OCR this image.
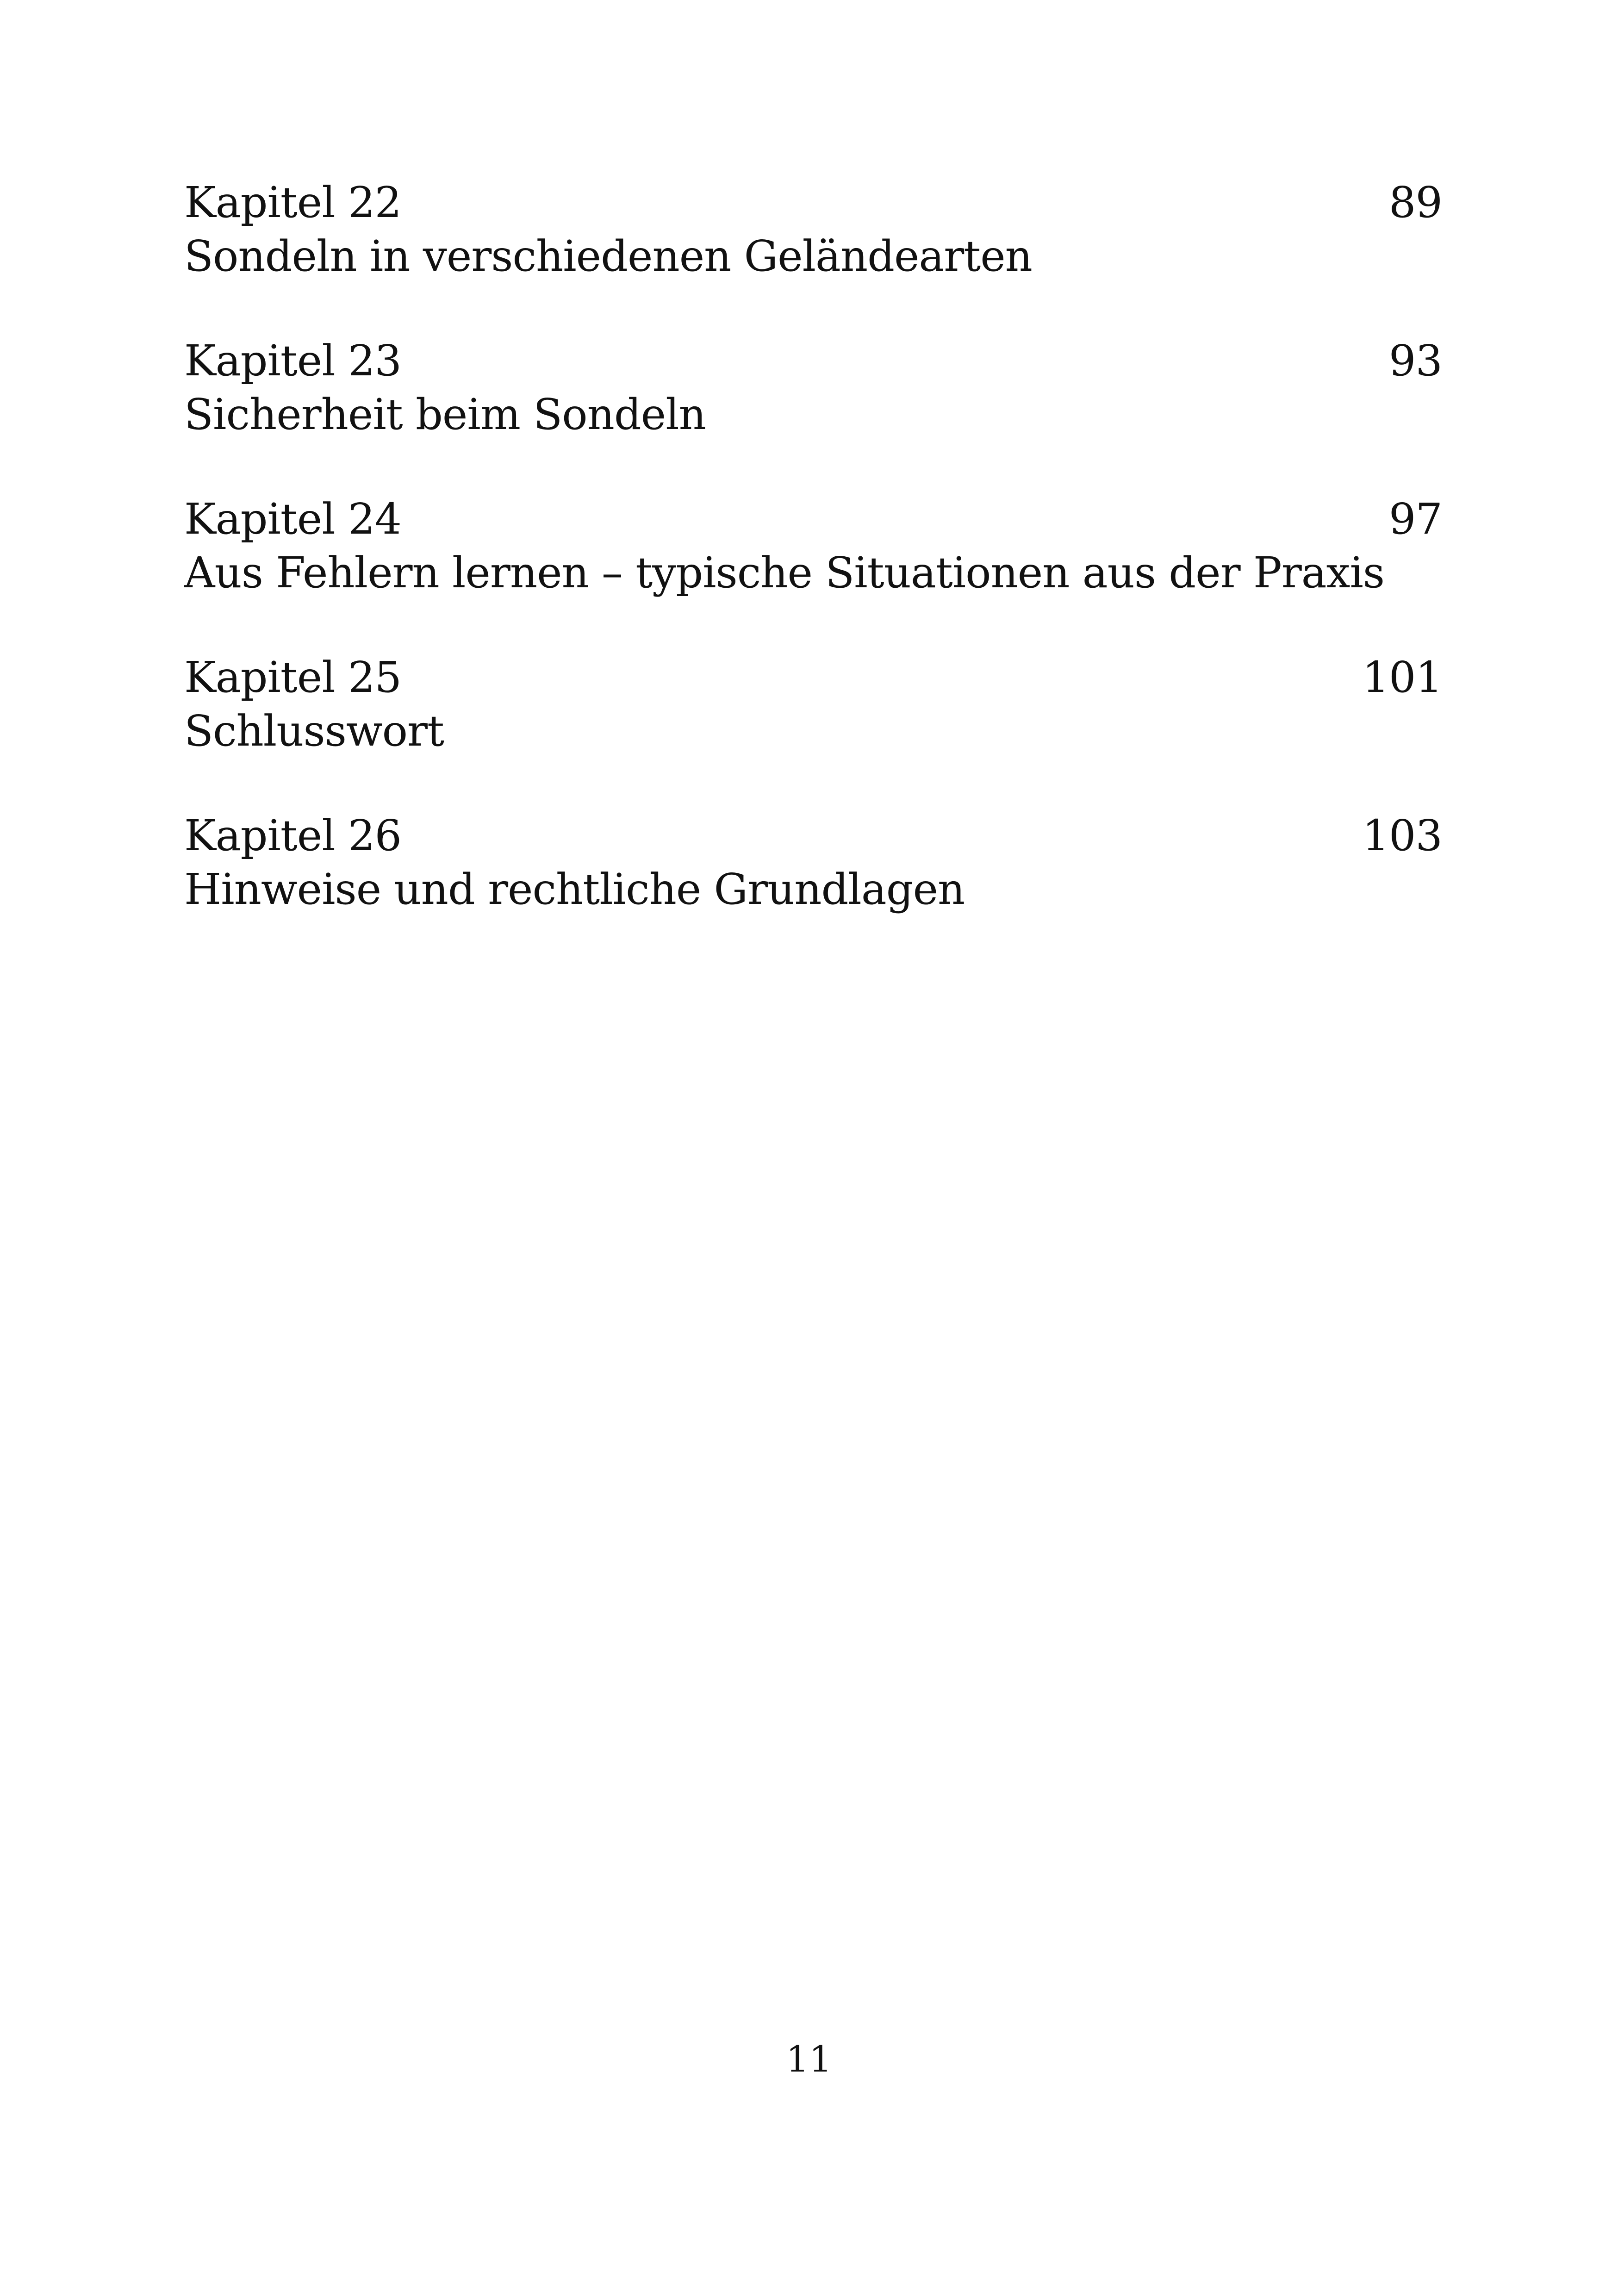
Kapitel 22	89
Sondeln in verschiedenen Geländearten
Kapitel 23	93
Sicherheit beim Sondeln
Kapitel 24	97
Aus Fehlern lernen – typische Situationen aus der Praxis
Kapitel 25	101
Schlusswort
Kapitel 26	103
Hinweise und rechtliche Grundlagen
11
